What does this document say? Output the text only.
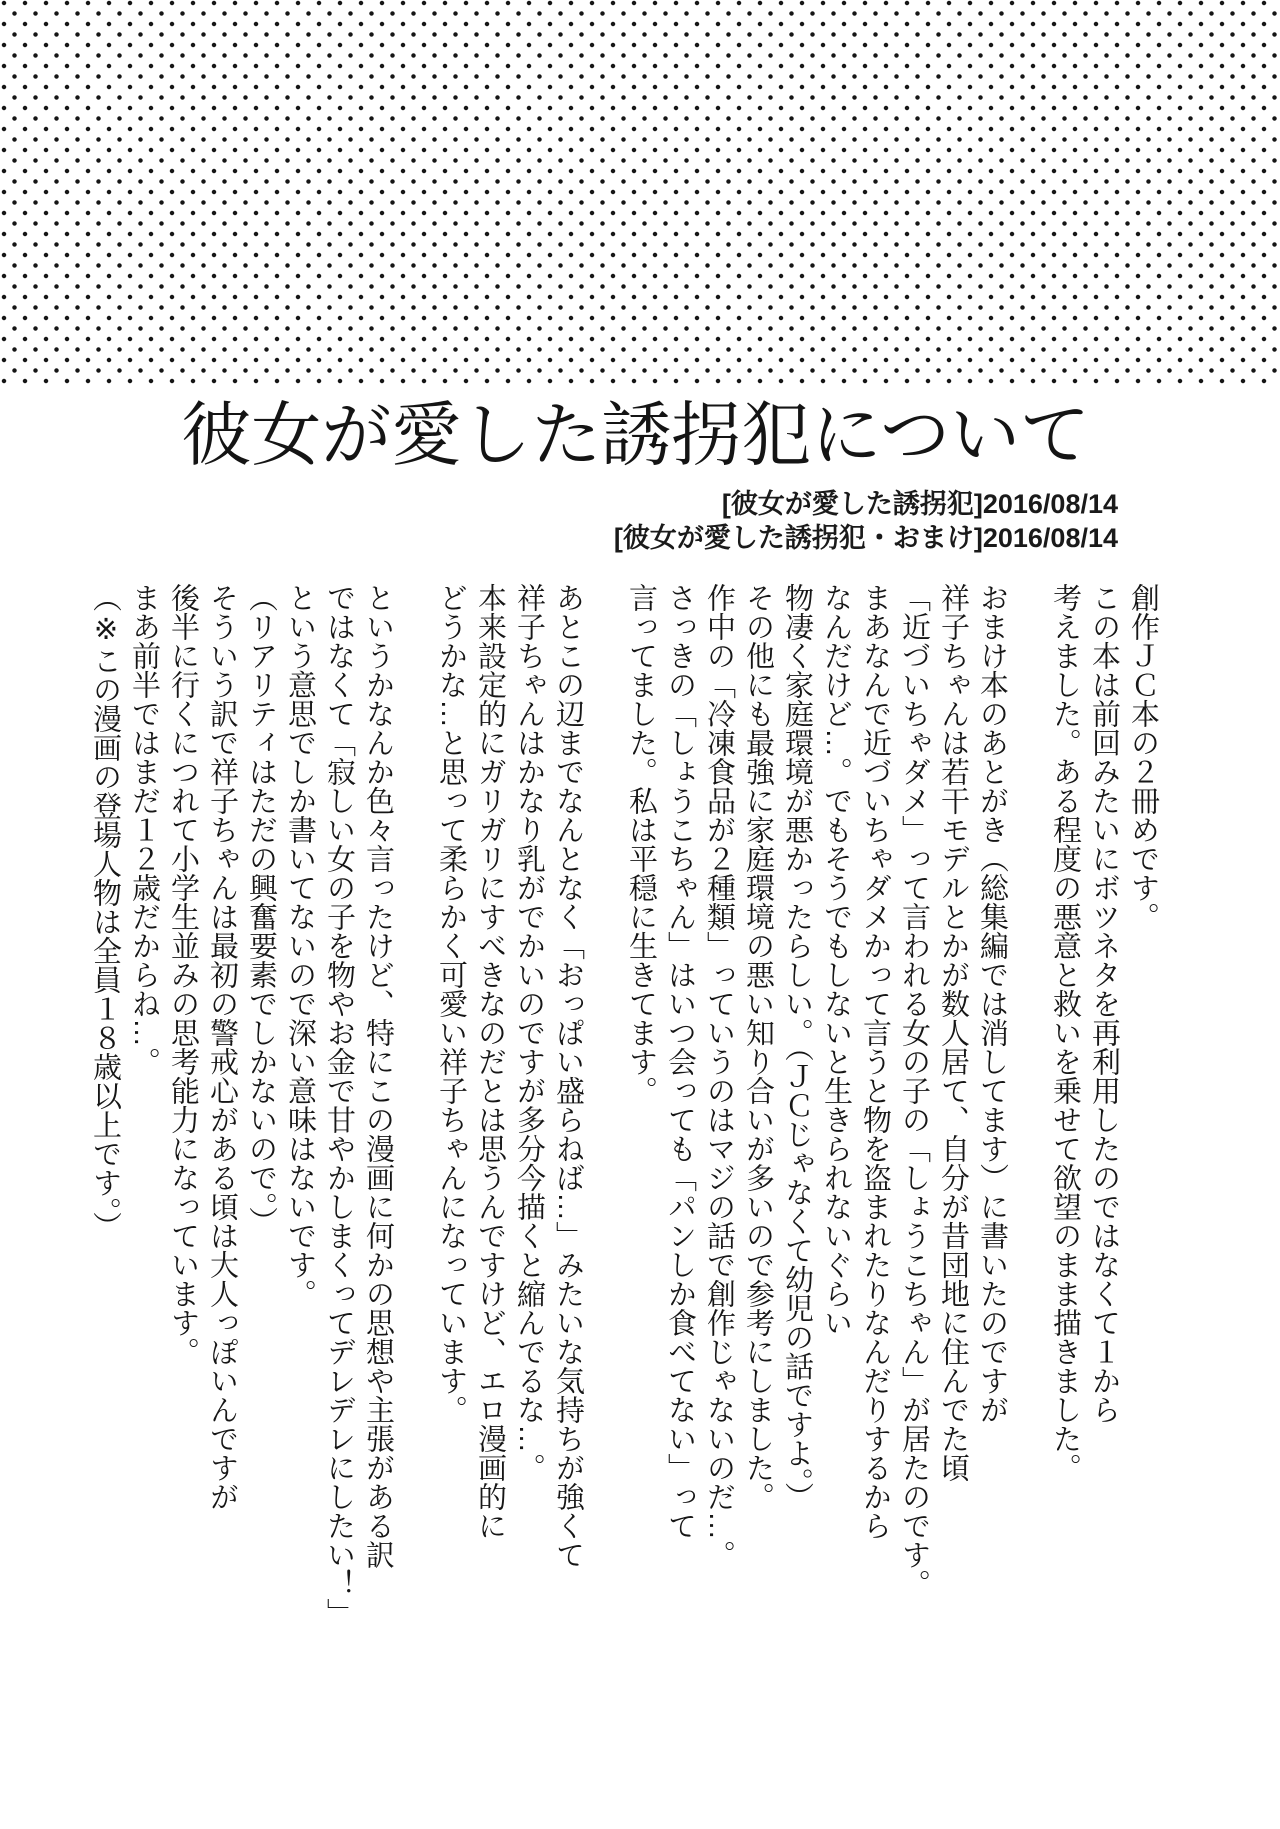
彼女が愛した誘拐犯について
[彼女が愛した誘拐犯]2016/08/14
[彼女が愛した誘拐犯・おまけ]2016/08/14

創作ＪＣ本の２冊めです。

この本は前回みたいにボツネタを再利用したのではなくて１から

考えました。ある程度の悪意と救いを乗せて欲望のまま描きました。

おまけ本のあとがき（総集編では消してます）に書いたのですが

祥子ちゃんは若干モデルとかが数人居て、自分が昔団地に住んでた頃

「近づいちゃダメ」って言われる女の子の「しょうこちゃん」が居たのです。

まあなんで近づいちゃダメかって言うと物を盗まれたりなんだりするから

なんだけど…。でもそうでもしないと生きられないぐらい

物凄く家庭環境が悪かったらしい。（ＪＣじゃなくて幼児の話ですよ。）

その他にも最強に家庭環境の悪い知り合いが多いので参考にしました。

作中の「冷凍食品が２種類」っていうのはマジの話で創作じゃないのだ…。

さっきの「しょうこちゃん」はいつ会っても「パンしか食べてない」って

言ってました。私は平穏に生きてます。

あとこの辺までなんとなく「おっぱい盛らねば…」みたいな気持ちが強くて

祥子ちゃんはかなり乳がでかいのですが多分今描くと縮んでるな…。

本来設定的にガリガリにすべきなのだとは思うんですけど、エロ漫画的に

どうかな…と思って柔らかく可愛い祥子ちゃんになっています。

というかなんか色々言ったけど、特にこの漫画に何かの思想や主張がある訳

ではなくて「寂しい女の子を物やお金で甘やかしまくってデレデレにしたい！」

という意思でしか書いてないので深い意味はないです。

（リアリティはただの興奮要素でしかないので。）

そういう訳で祥子ちゃんは最初の警戒心がある頃は大人っぽいんですが

後半に行くにつれて小学生並みの思考能力になっています。

まあ前半ではまだ１２歳だからね…。

（※この漫画の登場人物は全員１８歳以上です。）
